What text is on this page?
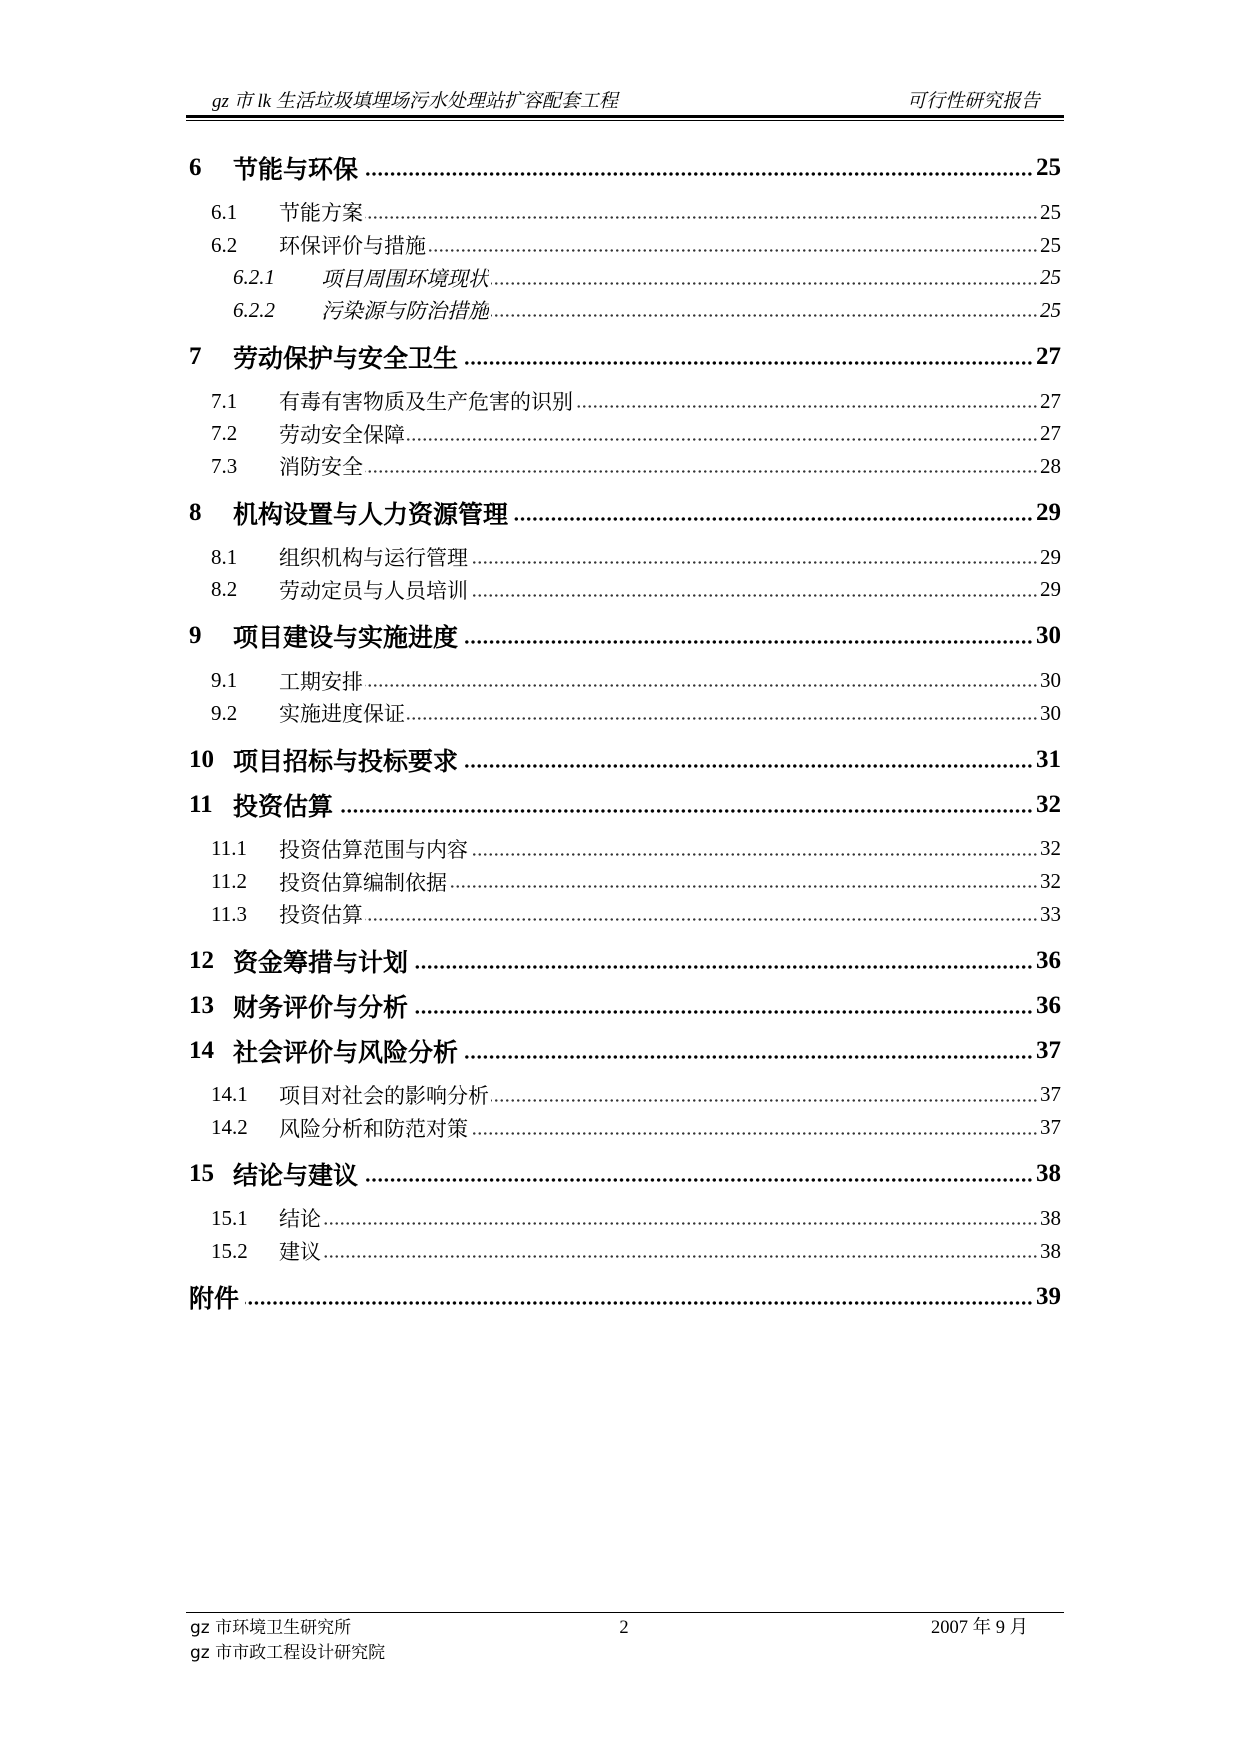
gz 市 lk 生活垃圾填埋场污水处理站扩容配套工程	可行性研究报告
6	节能与环保	25
6.1	节能方案	25
6.2	环保评价与措施	25
6.2.1	项目周围环境现状	25
6.2.2	污染源与防治措施	25
7	劳动保护与安全卫生	27
7.1	有毒有害物质及生产危害的识别	27
7.2	劳动安全保障	27
7.3	消防安全	28
8	机构设置与人力资源管理	29
8.1	组织机构与运行管理	29
8.2	劳动定员与人员培训	29
9	项目建设与实施进度	30
9.1	工期安排	30
9.2	实施进度保证	30
10 项目招标与投标要求	31
11 投资估算	32
11.1	投资估算范围与内容	32
11.2	投资估算编制依据	32
11.3	投资估算	33
12 资金筹措与计划	36
13 财务评价与分析	36
14 社会评价与风险分析	37
14.1	项目对社会的影响分析	37
14.2	风险分析和防范对策	37
15 结论与建议	38
15.1	结论	38
15.2	建议	38
附件	39
gz 市环境卫生研究所	2	2007 年 9 月
gz 市市政工程设计研究院
